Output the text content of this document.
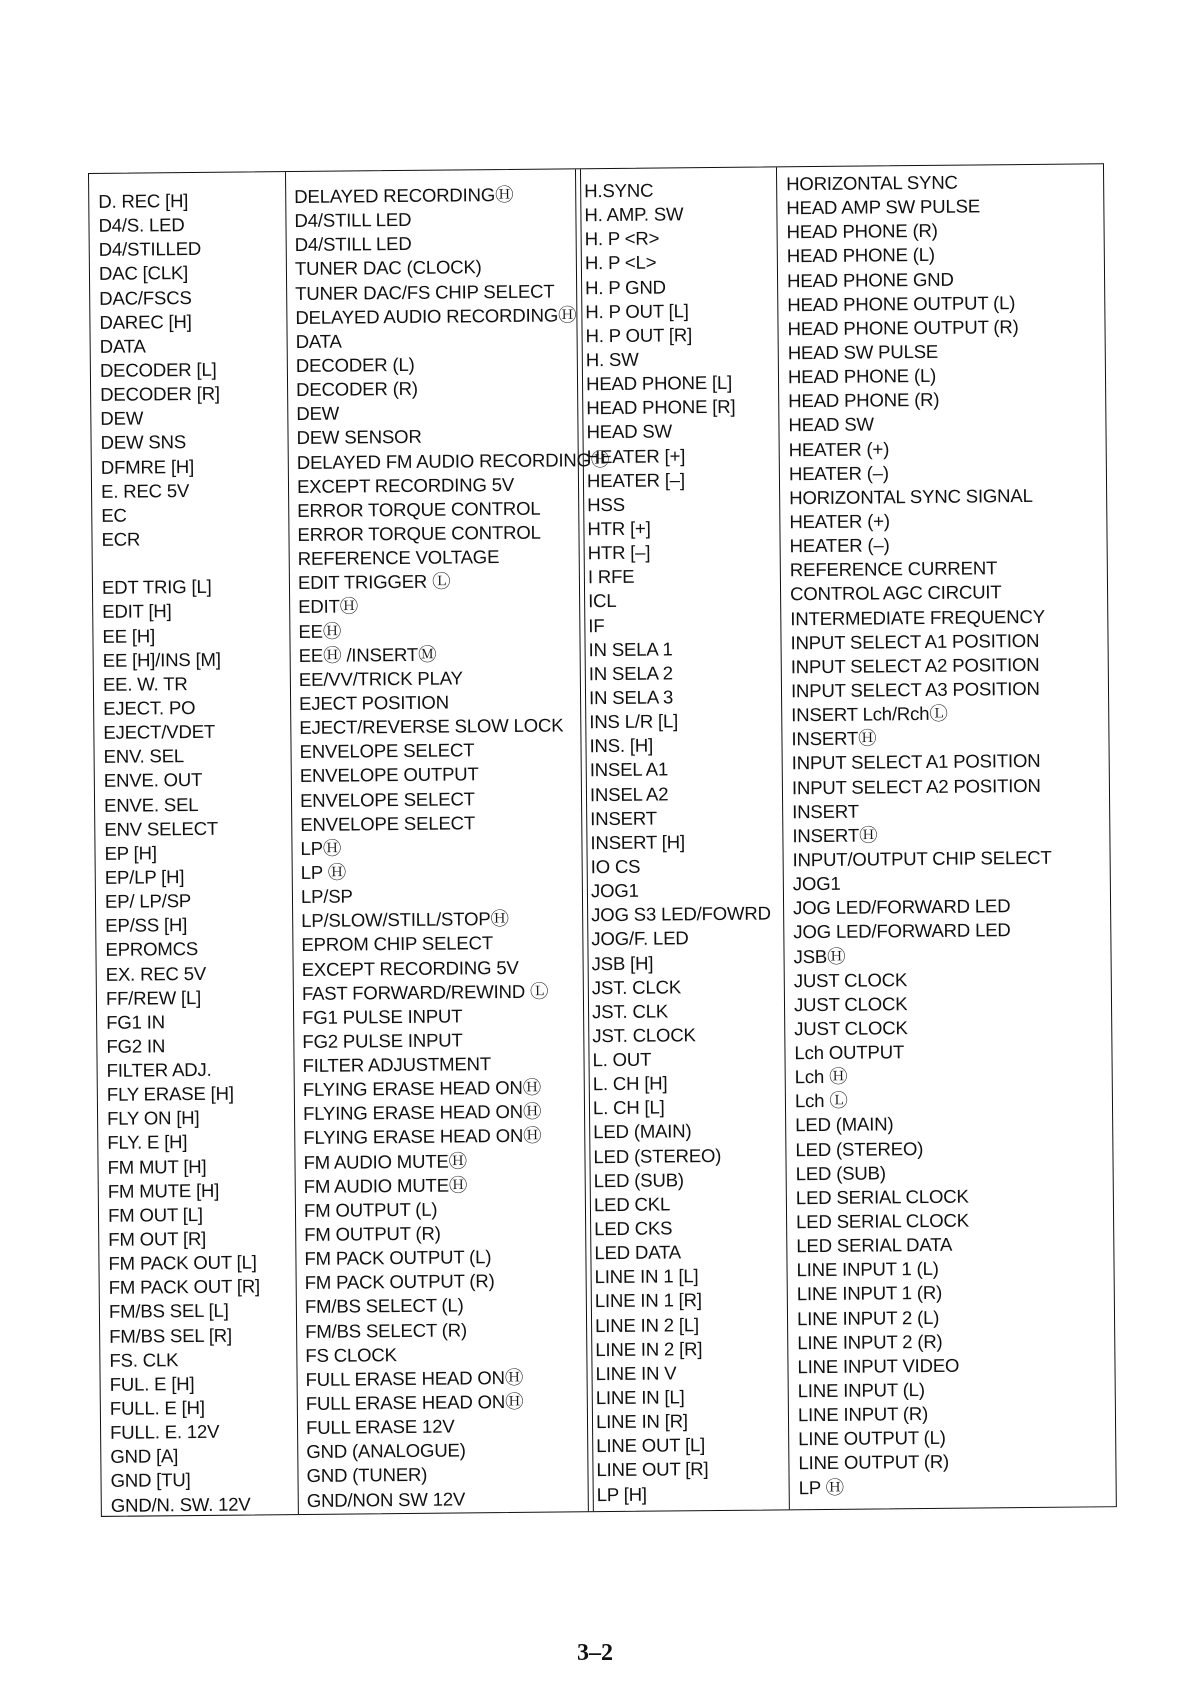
D. REC [H]
D4/S. LED
D4/STILLED
DAC [CLK]
DAC/FSCS
DAREC [H]
DATA
DECODER [L]
DECODER [R]
DEW
DEW SNS
DFMRE [H]
E. REC 5V
EC
ECR
EDT TRIG [L]
EDIT [H]
EE [H]
EE [H]/INS [M]
EE. W. TR
EJECT. PO
EJECT/VDET
ENV. SEL
ENVE. OUT
ENVE. SEL
ENV SELECT
EP [H]
EP/LP [H]
EP/ LP/SP
EP/SS [H]
EPROMCS
EX. REC 5V
FF/REW [L]
FG1 IN
FG2 IN
FILTER ADJ.
FLY ERASE [H]
FLY ON [H]
FLY. E [H]
FM MUT [H]
FM MUTE [H]
FM OUT [L]
FM OUT [R]
FM PACK OUT [L]
FM PACK OUT [R]
FM/BS SEL [L]
FM/BS SEL [R]
FS. CLK
FUL. E [H]
FULL. E [H]
FULL. E. 12V
GND [A]
GND [TU]
GND/N. SW. 12V
DELAYED RECORDINGⒽ
D4/STILL LED
D4/STILL LED
TUNER DAC (CLOCK)
TUNER DAC/FS CHIP SELECT
DELAYED AUDIO RECORDINGⒽ
DATA
DECODER (L)
DECODER (R)
DEW
DEW SENSOR
DELAYED FM AUDIO RECORDINGⒽ
EXCEPT RECORDING 5V
ERROR TORQUE CONTROL
ERROR TORQUE CONTROL
REFERENCE VOLTAGE
EDIT TRIGGER Ⓛ
EDITⒽ
EEⒽ
EEⒽ /INSERTⓂ
EE/VV/TRICK PLAY
EJECT POSITION
EJECT/REVERSE SLOW LOCK
ENVELOPE SELECT
ENVELOPE OUTPUT
ENVELOPE SELECT
ENVELOPE SELECT
LPⒽ
LP Ⓗ
LP/SP
LP/SLOW/STILL/STOPⒽ
EPROM CHIP SELECT
EXCEPT RECORDING 5V
FAST FORWARD/REWIND Ⓛ
FG1 PULSE INPUT
FG2 PULSE INPUT
FILTER ADJUSTMENT
FLYING ERASE HEAD ONⒽ
FLYING ERASE HEAD ONⒽ
FLYING ERASE HEAD ONⒽ
FM AUDIO MUTEⒽ
FM AUDIO MUTEⒽ
FM OUTPUT (L)
FM OUTPUT (R)
FM PACK OUTPUT (L)
FM PACK OUTPUT (R)
FM/BS SELECT (L)
FM/BS SELECT (R)
FS CLOCK
FULL ERASE HEAD ONⒽ
FULL ERASE HEAD ONⒽ
FULL ERASE 12V
GND (ANALOGUE)
GND (TUNER)
GND/NON SW 12V
H.SYNC
H. AMP. SW
H. P <R>
H. P <L>
H. P GND
H. P OUT [L]
H. P OUT [R]
H. SW
HEAD PHONE [L]
HEAD PHONE [R]
HEAD SW
HEATER [+]
HEATER [–]
HSS
HTR [+]
HTR [–]
I RFE
ICL
IF
IN SELA 1
IN SELA 2
IN SELA 3
INS L/R [L]
INS. [H]
INSEL A1
INSEL A2
INSERT
INSERT [H]
IO CS
JOG1
JOG S3 LED/FOWRD
JOG/F. LED
JSB [H]
JST. CLCK
JST. CLK
JST. CLOCK
L. OUT
L. CH [H]
L. CH [L]
LED (MAIN)
LED (STEREO)
LED (SUB)
LED CKL
LED CKS
LED DATA
LINE IN 1 [L]
LINE IN 1 [R]
LINE IN 2 [L]
LINE IN 2 [R]
LINE IN V
LINE IN [L]
LINE IN [R]
LINE OUT [L]
LINE OUT [R]
LP [H]
HORIZONTAL SYNC
HEAD AMP SW PULSE
HEAD PHONE (R)
HEAD PHONE (L)
HEAD PHONE GND
HEAD PHONE OUTPUT (L)
HEAD PHONE OUTPUT (R)
HEAD SW PULSE
HEAD PHONE (L)
HEAD PHONE (R)
HEAD SW
HEATER (+)
HEATER (–)
HORIZONTAL SYNC SIGNAL
HEATER (+)
HEATER (–)
REFERENCE CURRENT
CONTROL AGC CIRCUIT
INTERMEDIATE FREQUENCY
INPUT SELECT A1 POSITION
INPUT SELECT A2 POSITION
INPUT SELECT A3 POSITION
INSERT Lch/RchⓁ
INSERTⒽ
INPUT SELECT A1 POSITION
INPUT SELECT A2 POSITION
INSERT
INSERTⒽ
INPUT/OUTPUT CHIP SELECT
JOG1
JOG LED/FORWARD LED
JOG LED/FORWARD LED
JSBⒽ
JUST CLOCK
JUST CLOCK
JUST CLOCK
Lch OUTPUT
Lch Ⓗ
Lch Ⓛ
LED (MAIN)
LED (STEREO)
LED (SUB)
LED SERIAL CLOCK
LED SERIAL CLOCK
LED SERIAL DATA
LINE INPUT 1 (L)
LINE INPUT 1 (R)
LINE INPUT 2 (L)
LINE INPUT 2 (R)
LINE INPUT VIDEO
LINE INPUT (L)
LINE INPUT (R)
LINE OUTPUT (L)
LINE OUTPUT (R)
LP Ⓗ
3–2
